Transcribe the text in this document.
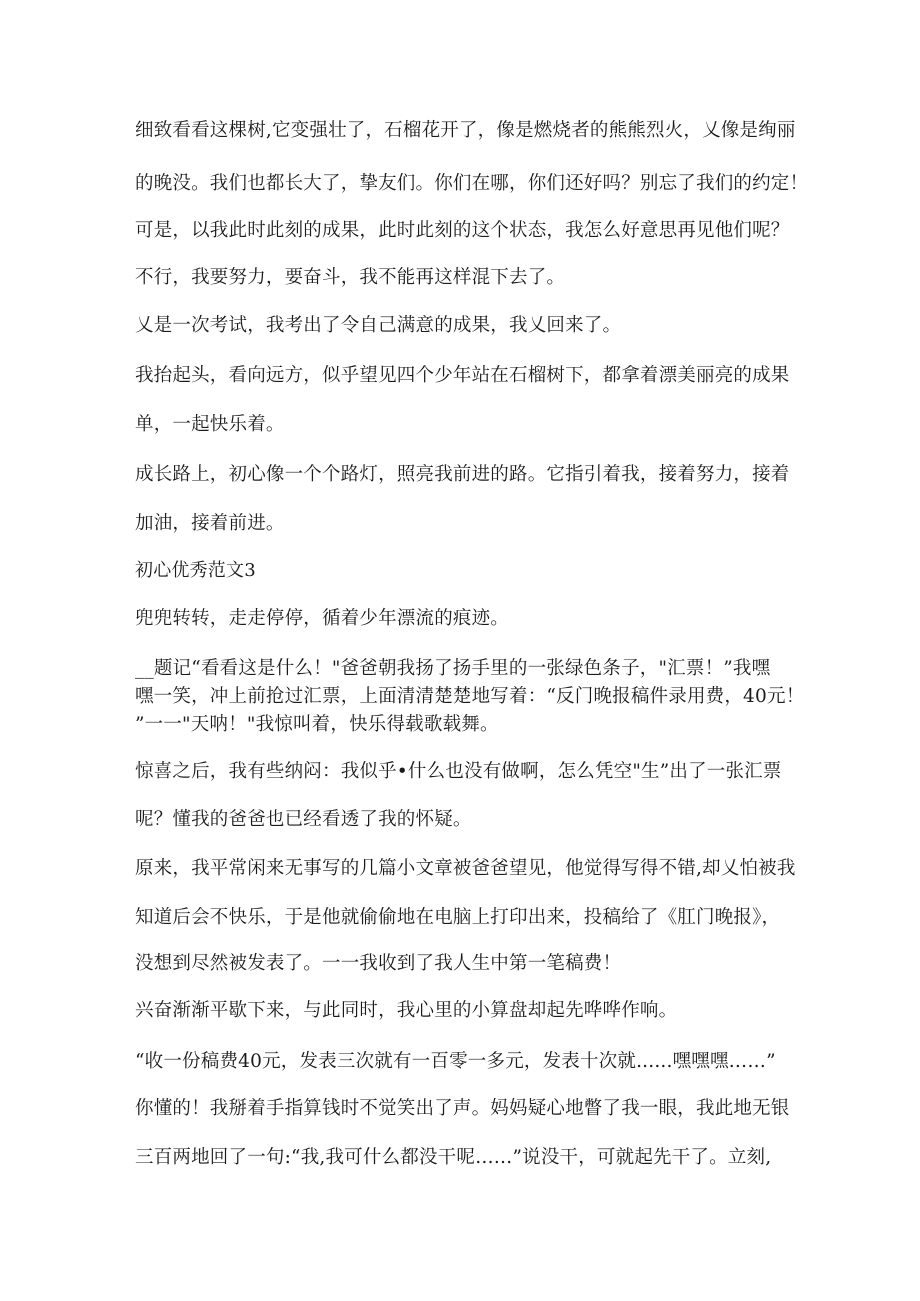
细致看看这棵树,它变强壮了，石榴花开了，像是燃烧者的熊熊烈火，乂像是绚丽
的晚没。我们也都长大了，挚友们。你们在哪，你们还好吗？别忘了我们的约定！
可是，以我此时此刻的成果，此时此刻的这个状态，我怎么好意思再见他们呢？
不行，我要努力，要奋斗，我不能再这样混下去了。
乂是一次考试，我考出了令自己满意的成果，我乂回来了。
我抬起头，看向远方，似乎望见四个少年站在石榴树下，都拿着漂美丽亮的成果
单，一起快乐着。
成长路上，初心像一个个路灯，照亮我前进的路。它指引着我，接着努力，接着
加油，接着前进。
初心优秀范文3
兜兜转转，走走停停，循着少年漂流的痕迹。
__题记“看看这是什么！"爸爸朝我扬了扬手里的一张绿色条子，"汇票！”我嘿
嘿一笑，冲上前抢过汇票，上面清清楚楚地写着：“反门晚报稿件录用费，40元！
”一一"天呐！"我惊叫着，快乐得载歌载舞。
惊喜之后，我有些纳闷：我似乎•什么也没有做啊，怎么凭空"生”出了一张汇票
呢？懂我的爸爸也已经看透了我的怀疑。
原来，我平常闲来无事写的几篇小文章被爸爸望见，他觉得写得不错,却乂怕被我
知道后会不快乐，于是他就偷偷地在电脑上打印出来，投稿给了《肛门晚报》，
没想到尽然被发表了。一一我收到了我人生中第一笔稿费！
兴奋渐渐平歇下来，与此同时，我心里的小算盘却起先哗哗作响。
“收一份稿费40元，发表三次就有一百零一多元，发表十次就......嘿嘿嘿……”
你懂的！我掰着手指算钱时不觉笑出了声。妈妈疑心地瞥了我一眼，我此地无银
三百两地回了一句:“我,我可什么都没干呢……”说没干，可就起先干了。立刻,
